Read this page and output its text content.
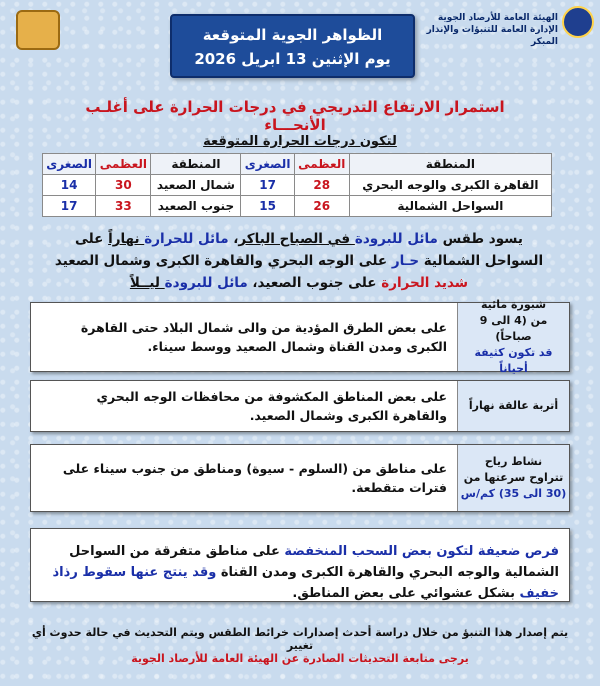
الهيئة العامة للأرصاد الجوية
الإدارة العامة للتنبؤات والإنذار المبكر
الظواهر الجوية المتوقعة
يوم الإثنين 13 ابريل 2026
استمرار الارتفاع التدريجي في درجات الحرارة على أغلـب الأنحـــاء
لتكون درجات الحرارة المتوقعة
المنطقة	العظمى	الصغرى	المنطقة	العظمى	الصغرى
القاهرة الكبرى والوجه البحري	28	17	شمال الصعيد	30	14
السواحل الشمالية	26	15	جنوب الصعيد	33	17
يسود طقس مائل للبرودة في الصباح الباكر، مائل للحرارة نهاراً على السواحل الشمالية حـار على الوجه البحري والقاهرة الكبرى وشمال الصعيد شديد الحرارة على جنوب الصعيد، مائل للبرودة ليــلاً
شبورة مائية
من (4 الى 9 صباحاً)
قد تكون كثيفة أحياناً
على بعض الطرق المؤدية من والى شمال البلاد حتى القاهرة الكبرى ومدن القناة وشمال الصعيد ووسط سيناء.
أتربة عالقة نهاراً
على بعض المناطق المكشوفة من محافظات الوجه البحري والقاهرة الكبرى وشمال الصعيد.
نشاط رياح
تتراوح سرعتها من
(30 الى 35) كم/س
على مناطق من (السلوم - سيوة) ومناطق من جنوب سيناء على فترات متقطعة.
فرص ضعيفة لتكون بعض السحب المنخفضة على مناطق متفرقة من السواحل الشمالية والوجه البحري والقاهرة الكبرى ومدن القناة وقد ينتج عنها سقوط رذاذ خفيف بشكل عشوائي على بعض المناطق.
يتم إصدار هذا التنبؤ من خلال دراسة أحدث إصدارات خرائط الطقس ويتم التحديث في حالة حدوث أي تغيير
يرجى متابعة التحديثات الصادرة عن الهيئة العامة للأرصاد الجوية
